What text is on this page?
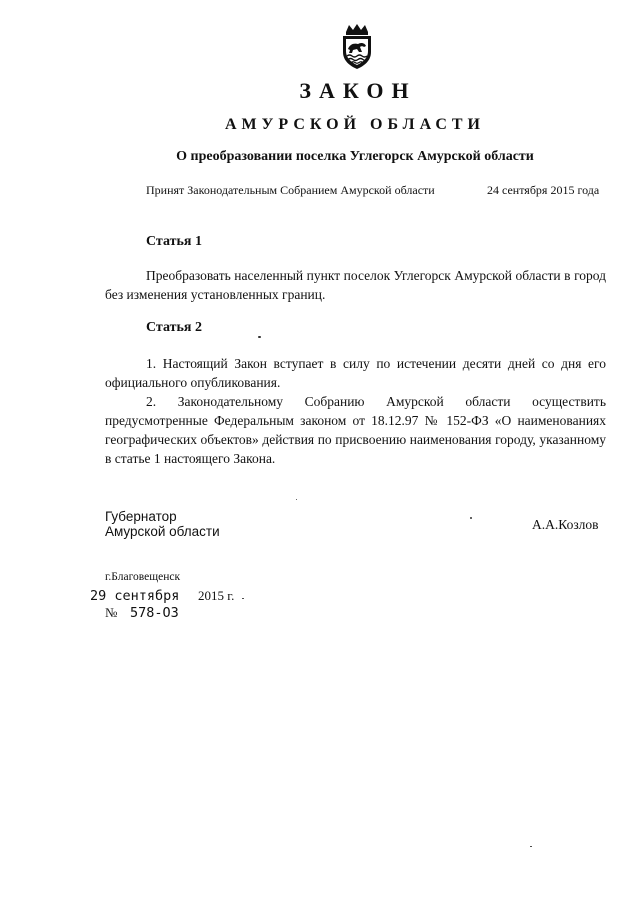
ЗАКОН
АМУРСКОЙ ОБЛАСТИ
О преобразовании поселка Углегорск Амурской области
Принят Законодательным Собранием Амурской области	24 сентября 2015 года
Статья 1
Преобразовать населенный пункт поселок Углегорск Амурской области в город без изменения установленных границ.
Статья 2
1. Настоящий Закон вступает в силу по истечении десяти дней со дня его официального опубликования.
2. Законодательному Собранию Амурской области осуществить предусмотренные Федеральным законом от 18.12.97 № 152-ФЗ «О наименованиях географических объектов» действия по присвоению наименования городу, указанному в статье 1 настоящего Закона.
Губернатор
Амурской области	А.А.Козлов
г.Благовещенск
29 сентября 2015 г.
№ 578-ОЗ
